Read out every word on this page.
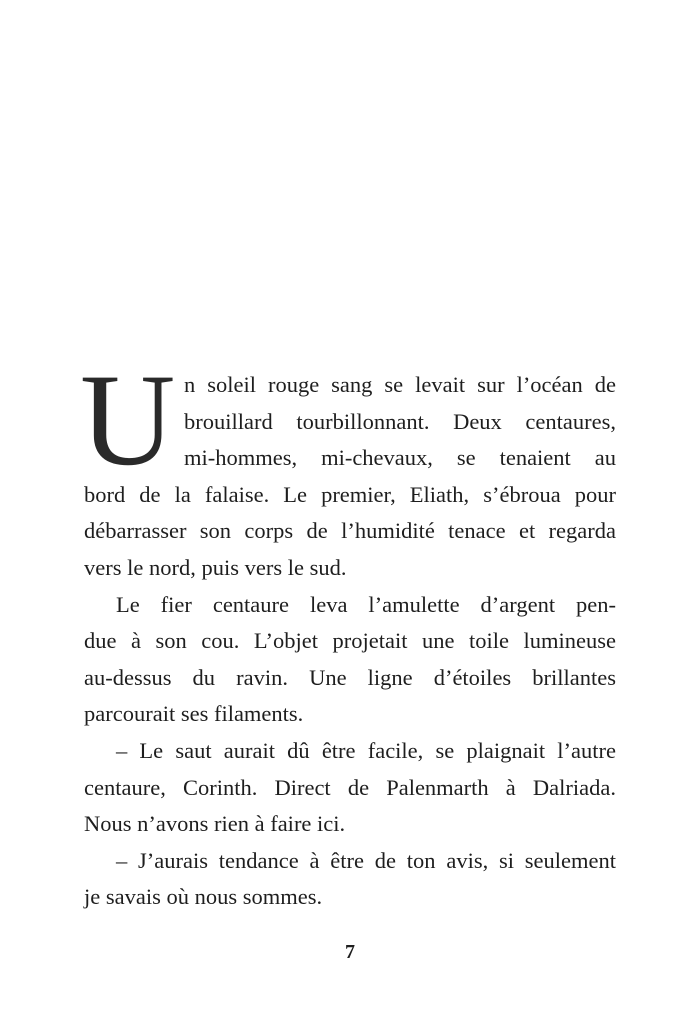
U n soleil rouge sang se levait sur l’océan de
brouillard tourbillonnant. Deux centaures,
mi-hommes, mi-chevaux, se tenaient au
bord de la falaise. Le premier, Eliath, s’ébroua pour
débarrasser son corps de l’humidité tenace et regarda
vers le nord, puis vers le sud.
Le fier centaure leva l’amulette d’argent pen-
due à son cou. L’objet projetait une toile lumineuse
au-dessus du ravin. Une ligne d’étoiles brillantes
parcourait ses filaments.
– Le saut aurait dû être facile, se plaignait l’autre
centaure, Corinth. Direct de Palenmarth à Dalriada.
Nous n’avons rien à faire ici.
– J’aurais tendance à être de ton avis, si seulement
je savais où nous sommes.
7
